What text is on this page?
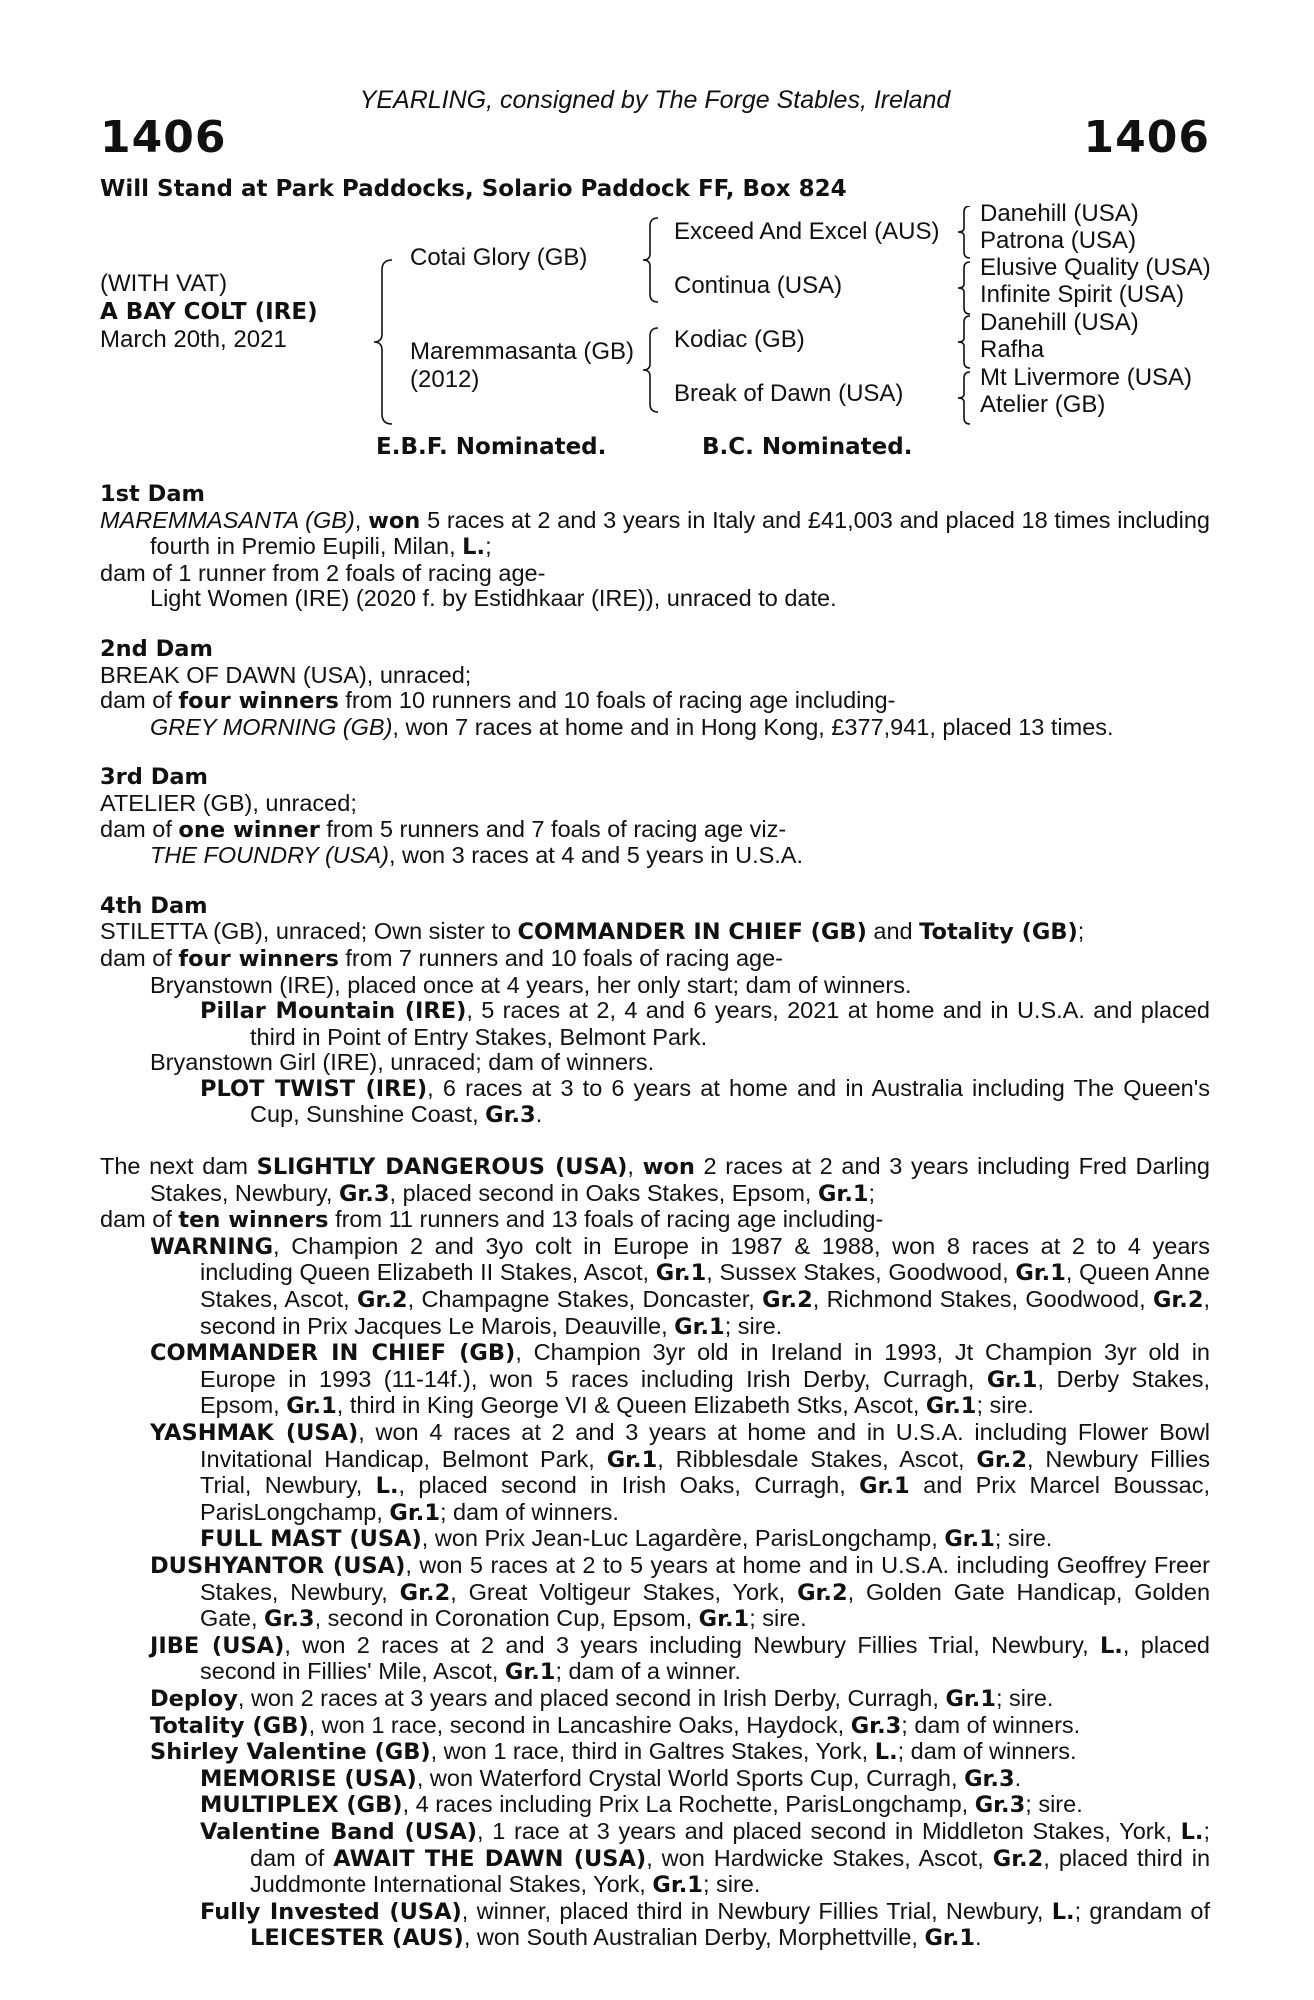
YEARLING, consigned by The Forge Stables, Ireland
1406	1406
Will Stand at Park Paddocks, Solario Paddock FF, Box 824
(WITH VAT)
A BAY COLT (IRE)
March 20th, 2021
Cotai Glory (GB)
Maremmasanta (GB)
(2012)
Exceed And Excel (AUS)
Continua (USA)
Kodiac (GB)
Break of Dawn (USA)
Danehill (USA)
Patrona (USA)
Elusive Quality (USA)
Infinite Spirit (USA)
Danehill (USA)
Rafha
Mt Livermore (USA)
Atelier (GB)
E.B.F. Nominated.	B.C. Nominated.

1st Dam

MAREMMASANTA (GB), won 5 races at 2 and 3 years in Italy and £41,003 and placed 18 times including fourth in Premio Eupili, Milan, L.;

dam of 1 runner from 2 foals of racing age-

Light Women (IRE) (2020 f. by Estidhkaar (IRE)), unraced to date.

2nd Dam

BREAK OF DAWN (USA), unraced;

dam of four winners from 10 runners and 10 foals of racing age including-

GREY MORNING (GB), won 7 races at home and in Hong Kong, £377,941, placed 13 times.

3rd Dam

ATELIER (GB), unraced;

dam of one winner from 5 runners and 7 foals of racing age viz-

THE FOUNDRY (USA), won 3 races at 4 and 5 years in U.S.A.

4th Dam

STILETTA (GB), unraced; Own sister to COMMANDER IN CHIEF (GB) and Totality (GB);

dam of four winners from 7 runners and 10 foals of racing age-

Bryanstown (IRE), placed once at 4 years, her only start; dam of winners.

Pillar Mountain (IRE), 5 races at 2, 4 and 6 years, 2021 at home and in U.S.A. and placed third in Point of Entry Stakes, Belmont Park.

Bryanstown Girl (IRE), unraced; dam of winners.

PLOT TWIST (IRE), 6 races at 3 to 6 years at home and in Australia including The Queen's Cup, Sunshine Coast, Gr.3.

The next dam SLIGHTLY DANGEROUS (USA), won 2 races at 2 and 3 years including Fred Darling Stakes, Newbury, Gr.3, placed second in Oaks Stakes, Epsom, Gr.1;

dam of ten winners from 11 runners and 13 foals of racing age including-

WARNING, Champion 2 and 3yo colt in Europe in 1987 & 1988, won 8 races at 2 to 4 years including Queen Elizabeth II Stakes, Ascot, Gr.1, Sussex Stakes, Goodwood, Gr.1, Queen Anne Stakes, Ascot, Gr.2, Champagne Stakes, Doncaster, Gr.2, Richmond Stakes, Goodwood, Gr.2, second in Prix Jacques Le Marois, Deauville, Gr.1; sire.

COMMANDER IN CHIEF (GB), Champion 3yr old in Ireland in 1993, Jt Champion 3yr old in Europe in 1993 (11-14f.), won 5 races including Irish Derby, Curragh, Gr.1, Derby Stakes, Epsom, Gr.1, third in King George VI & Queen Elizabeth Stks, Ascot, Gr.1; sire.

YASHMAK (USA), won 4 races at 2 and 3 years at home and in U.S.A. including Flower Bowl Invitational Handicap, Belmont Park, Gr.1, Ribblesdale Stakes, Ascot, Gr.2, Newbury Fillies Trial, Newbury, L., placed second in Irish Oaks, Curragh, Gr.1 and Prix Marcel Boussac, ParisLongchamp, Gr.1; dam of winners.

FULL MAST (USA), won Prix Jean-Luc Lagardère, ParisLongchamp, Gr.1; sire.

DUSHYANTOR (USA), won 5 races at 2 to 5 years at home and in U.S.A. including Geoffrey Freer Stakes, Newbury, Gr.2, Great Voltigeur Stakes, York, Gr.2, Golden Gate Handicap, Golden Gate, Gr.3, second in Coronation Cup, Epsom, Gr.1; sire.

JIBE (USA), won 2 races at 2 and 3 years including Newbury Fillies Trial, Newbury, L., placed second in Fillies' Mile, Ascot, Gr.1; dam of a winner.

Deploy, won 2 races at 3 years and placed second in Irish Derby, Curragh, Gr.1; sire.

Totality (GB), won 1 race, second in Lancashire Oaks, Haydock, Gr.3; dam of winners.

Shirley Valentine (GB), won 1 race, third in Galtres Stakes, York, L.; dam of winners.

MEMORISE (USA), won Waterford Crystal World Sports Cup, Curragh, Gr.3.

MULTIPLEX (GB), 4 races including Prix La Rochette, ParisLongchamp, Gr.3; sire.

Valentine Band (USA), 1 race at 3 years and placed second in Middleton Stakes, York, L.; dam of AWAIT THE DAWN (USA), won Hardwicke Stakes, Ascot, Gr.2, placed third in Juddmonte International Stakes, York, Gr.1; sire.

Fully Invested (USA), winner, placed third in Newbury Fillies Trial, Newbury, L.; grandam of LEICESTER (AUS), won South Australian Derby, Morphettville, Gr.1.
